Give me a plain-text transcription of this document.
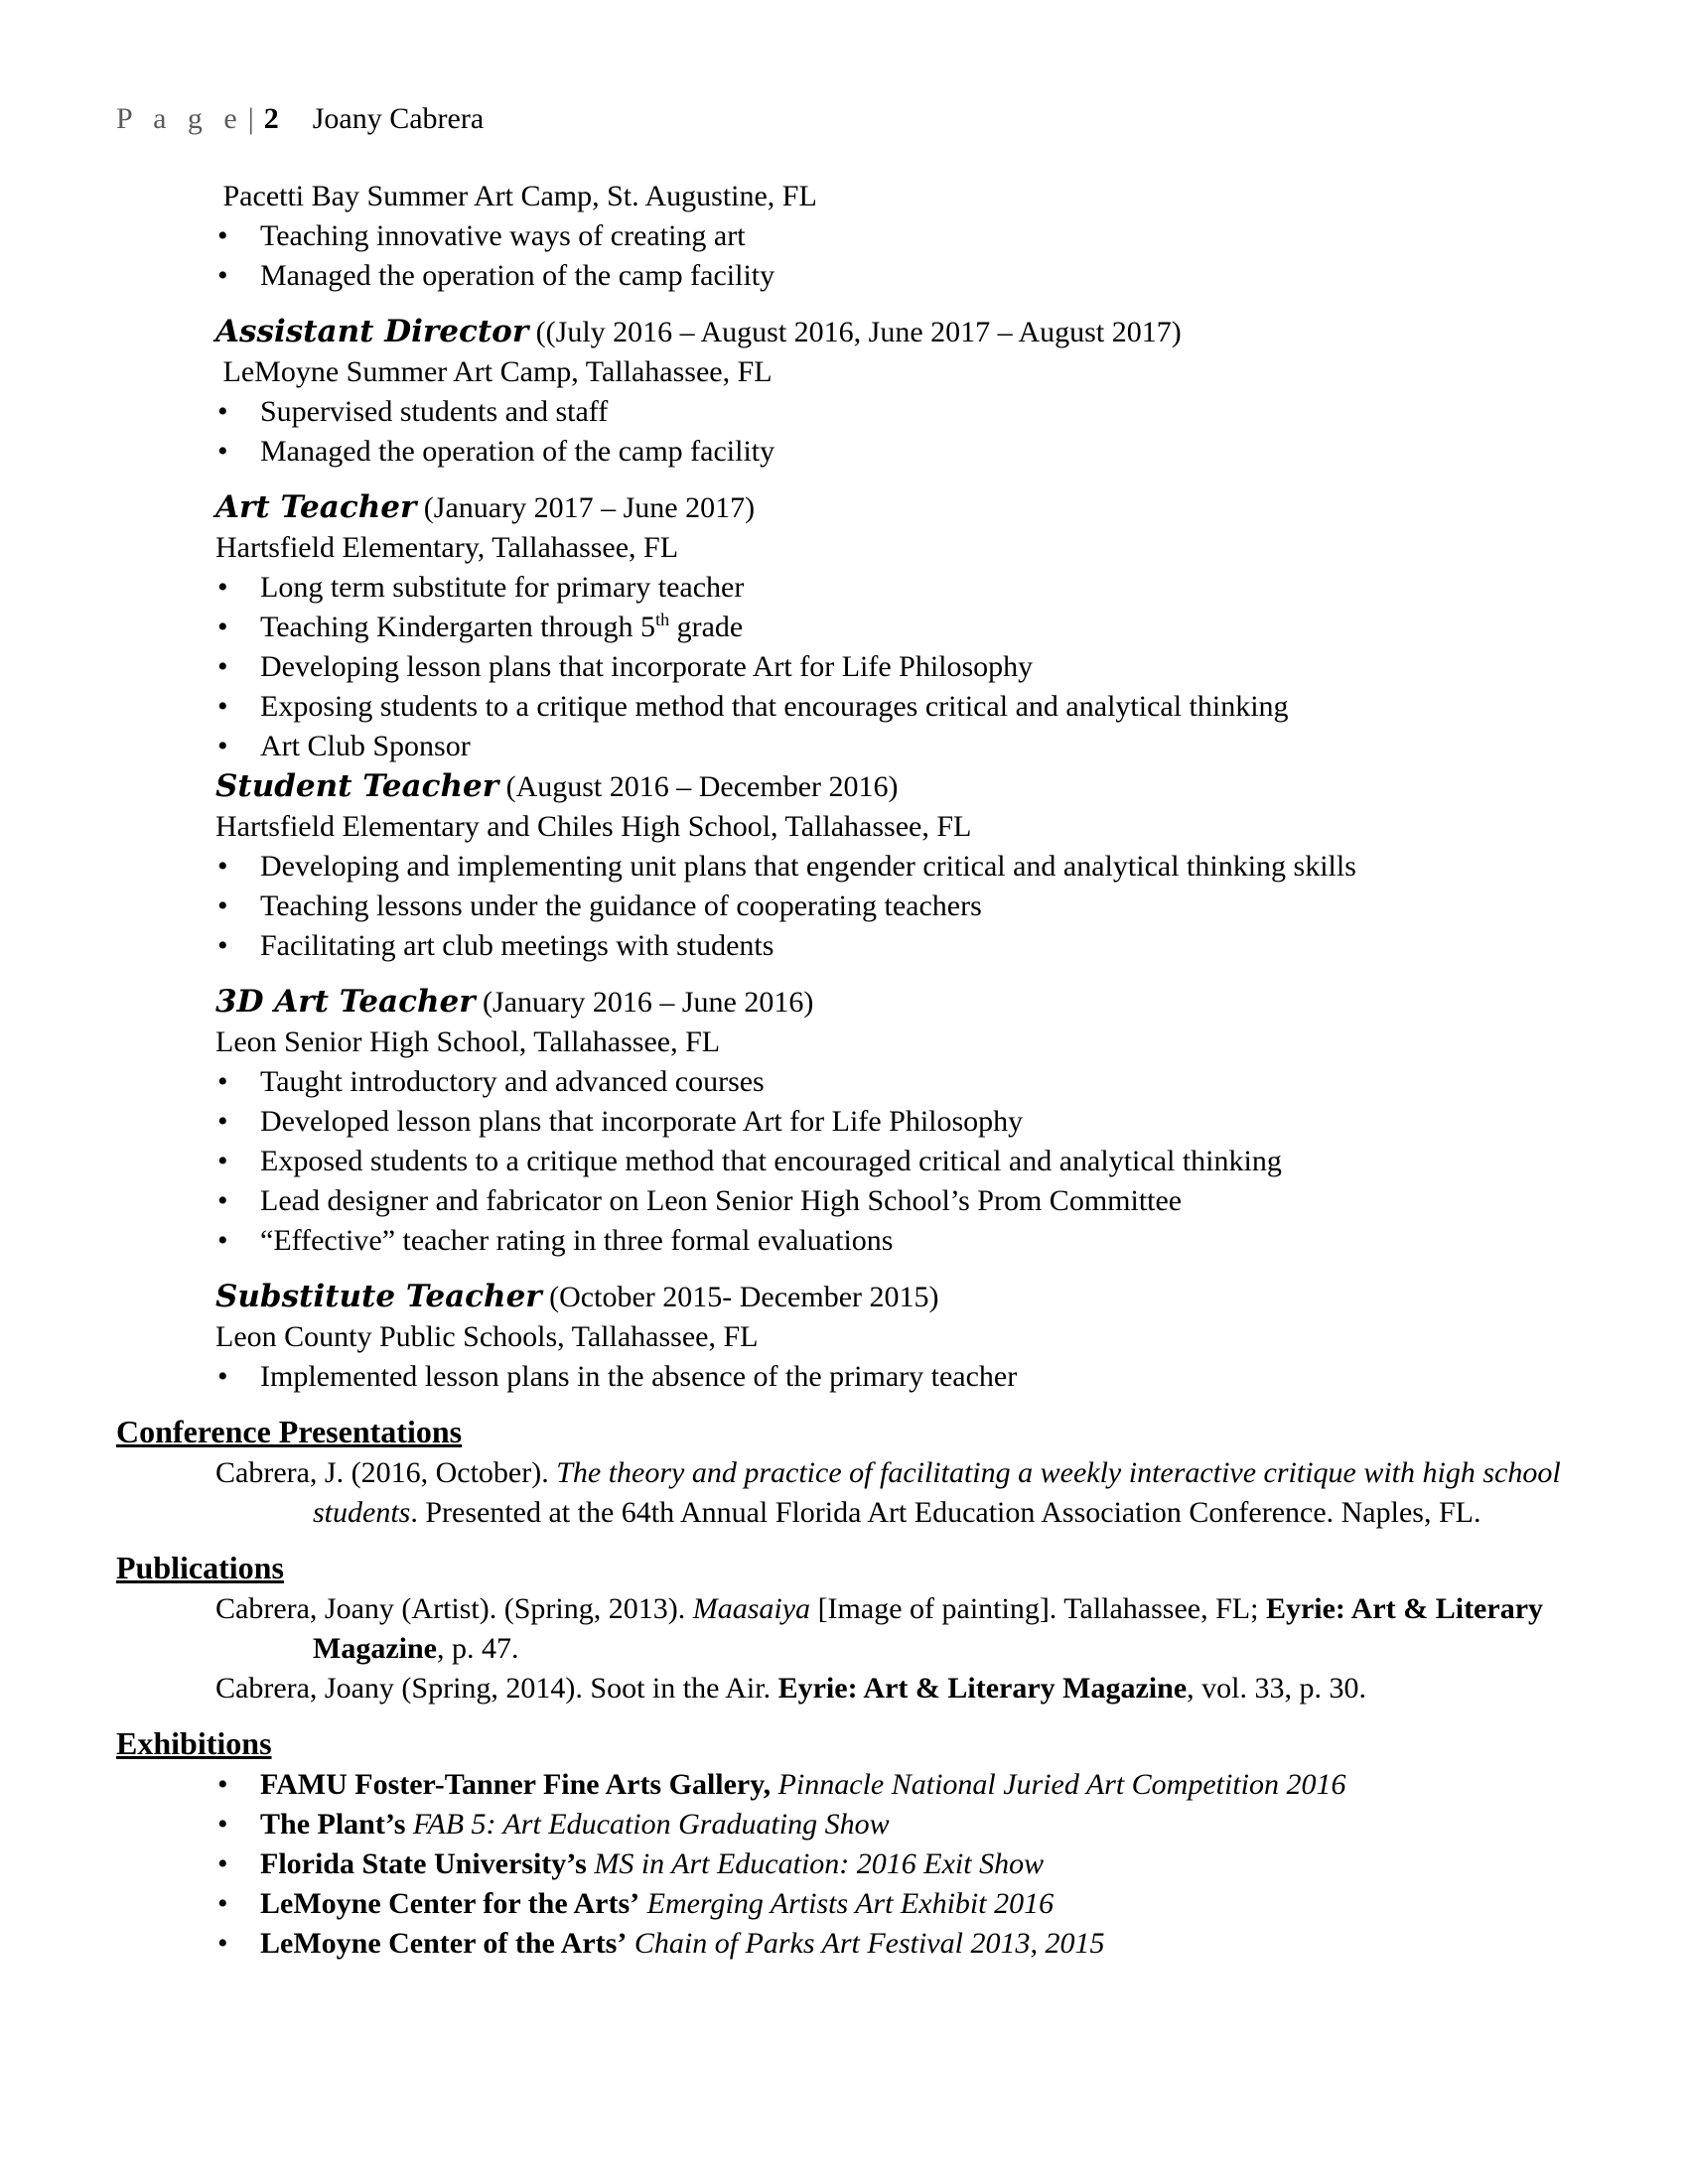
P a g e | 2 Joany Cabrera

Pacetti Bay Summer Art Camp, St. Augustine, FL

• Teaching innovative ways of creating art
• Managed the operation of the camp facility

Assistant Director ((July 2016 – August 2016, June 2017 – August 2017)

LeMoyne Summer Art Camp, Tallahassee, FL

• Supervised students and staff
• Managed the operation of the camp facility

Art Teacher (January 2017 – June 2017)

Hartsfield Elementary, Tallahassee, FL

• Long term substitute for primary teacher
• Teaching Kindergarten through 5th grade
• Developing lesson plans that incorporate Art for Life Philosophy
• Exposing students to a critique method that encourages critical and analytical thinking
• Art Club Sponsor

Student Teacher (August 2016 – December 2016)

Hartsfield Elementary and Chiles High School, Tallahassee, FL

• Developing and implementing unit plans that engender critical and analytical thinking skills
• Teaching lessons under the guidance of cooperating teachers
• Facilitating art club meetings with students

3D Art Teacher (January 2016 – June 2016)

Leon Senior High School, Tallahassee, FL

• Taught introductory and advanced courses
• Developed lesson plans that incorporate Art for Life Philosophy
• Exposed students to a critique method that encouraged critical and analytical thinking
• Lead designer and fabricator on Leon Senior High School’s Prom Committee
• “Effective” teacher rating in three formal evaluations

Substitute Teacher (October 2015- December 2015)

Leon County Public Schools, Tallahassee, FL

• Implemented lesson plans in the absence of the primary teacher

Conference Presentations

Cabrera, J. (2016, October). The theory and practice of facilitating a weekly interactive critique with high school students. Presented at the 64th Annual Florida Art Education Association Conference. Naples, FL.

Publications

Cabrera, Joany (Artist). (Spring, 2013). Maasaiya [Image of painting]. Tallahassee, FL; Eyrie: Art & Literary Magazine, p. 47.

Cabrera, Joany (Spring, 2014). Soot in the Air. Eyrie: Art & Literary Magazine, vol. 33, p. 30.

Exhibitions

• FAMU Foster-Tanner Fine Arts Gallery, Pinnacle National Juried Art Competition 2016
• The Plant’s FAB 5: Art Education Graduating Show
• Florida State University’s MS in Art Education: 2016 Exit Show
• LeMoyne Center for the Arts’ Emerging Artists Art Exhibit 2016
• LeMoyne Center of the Arts’ Chain of Parks Art Festival 2013, 2015
